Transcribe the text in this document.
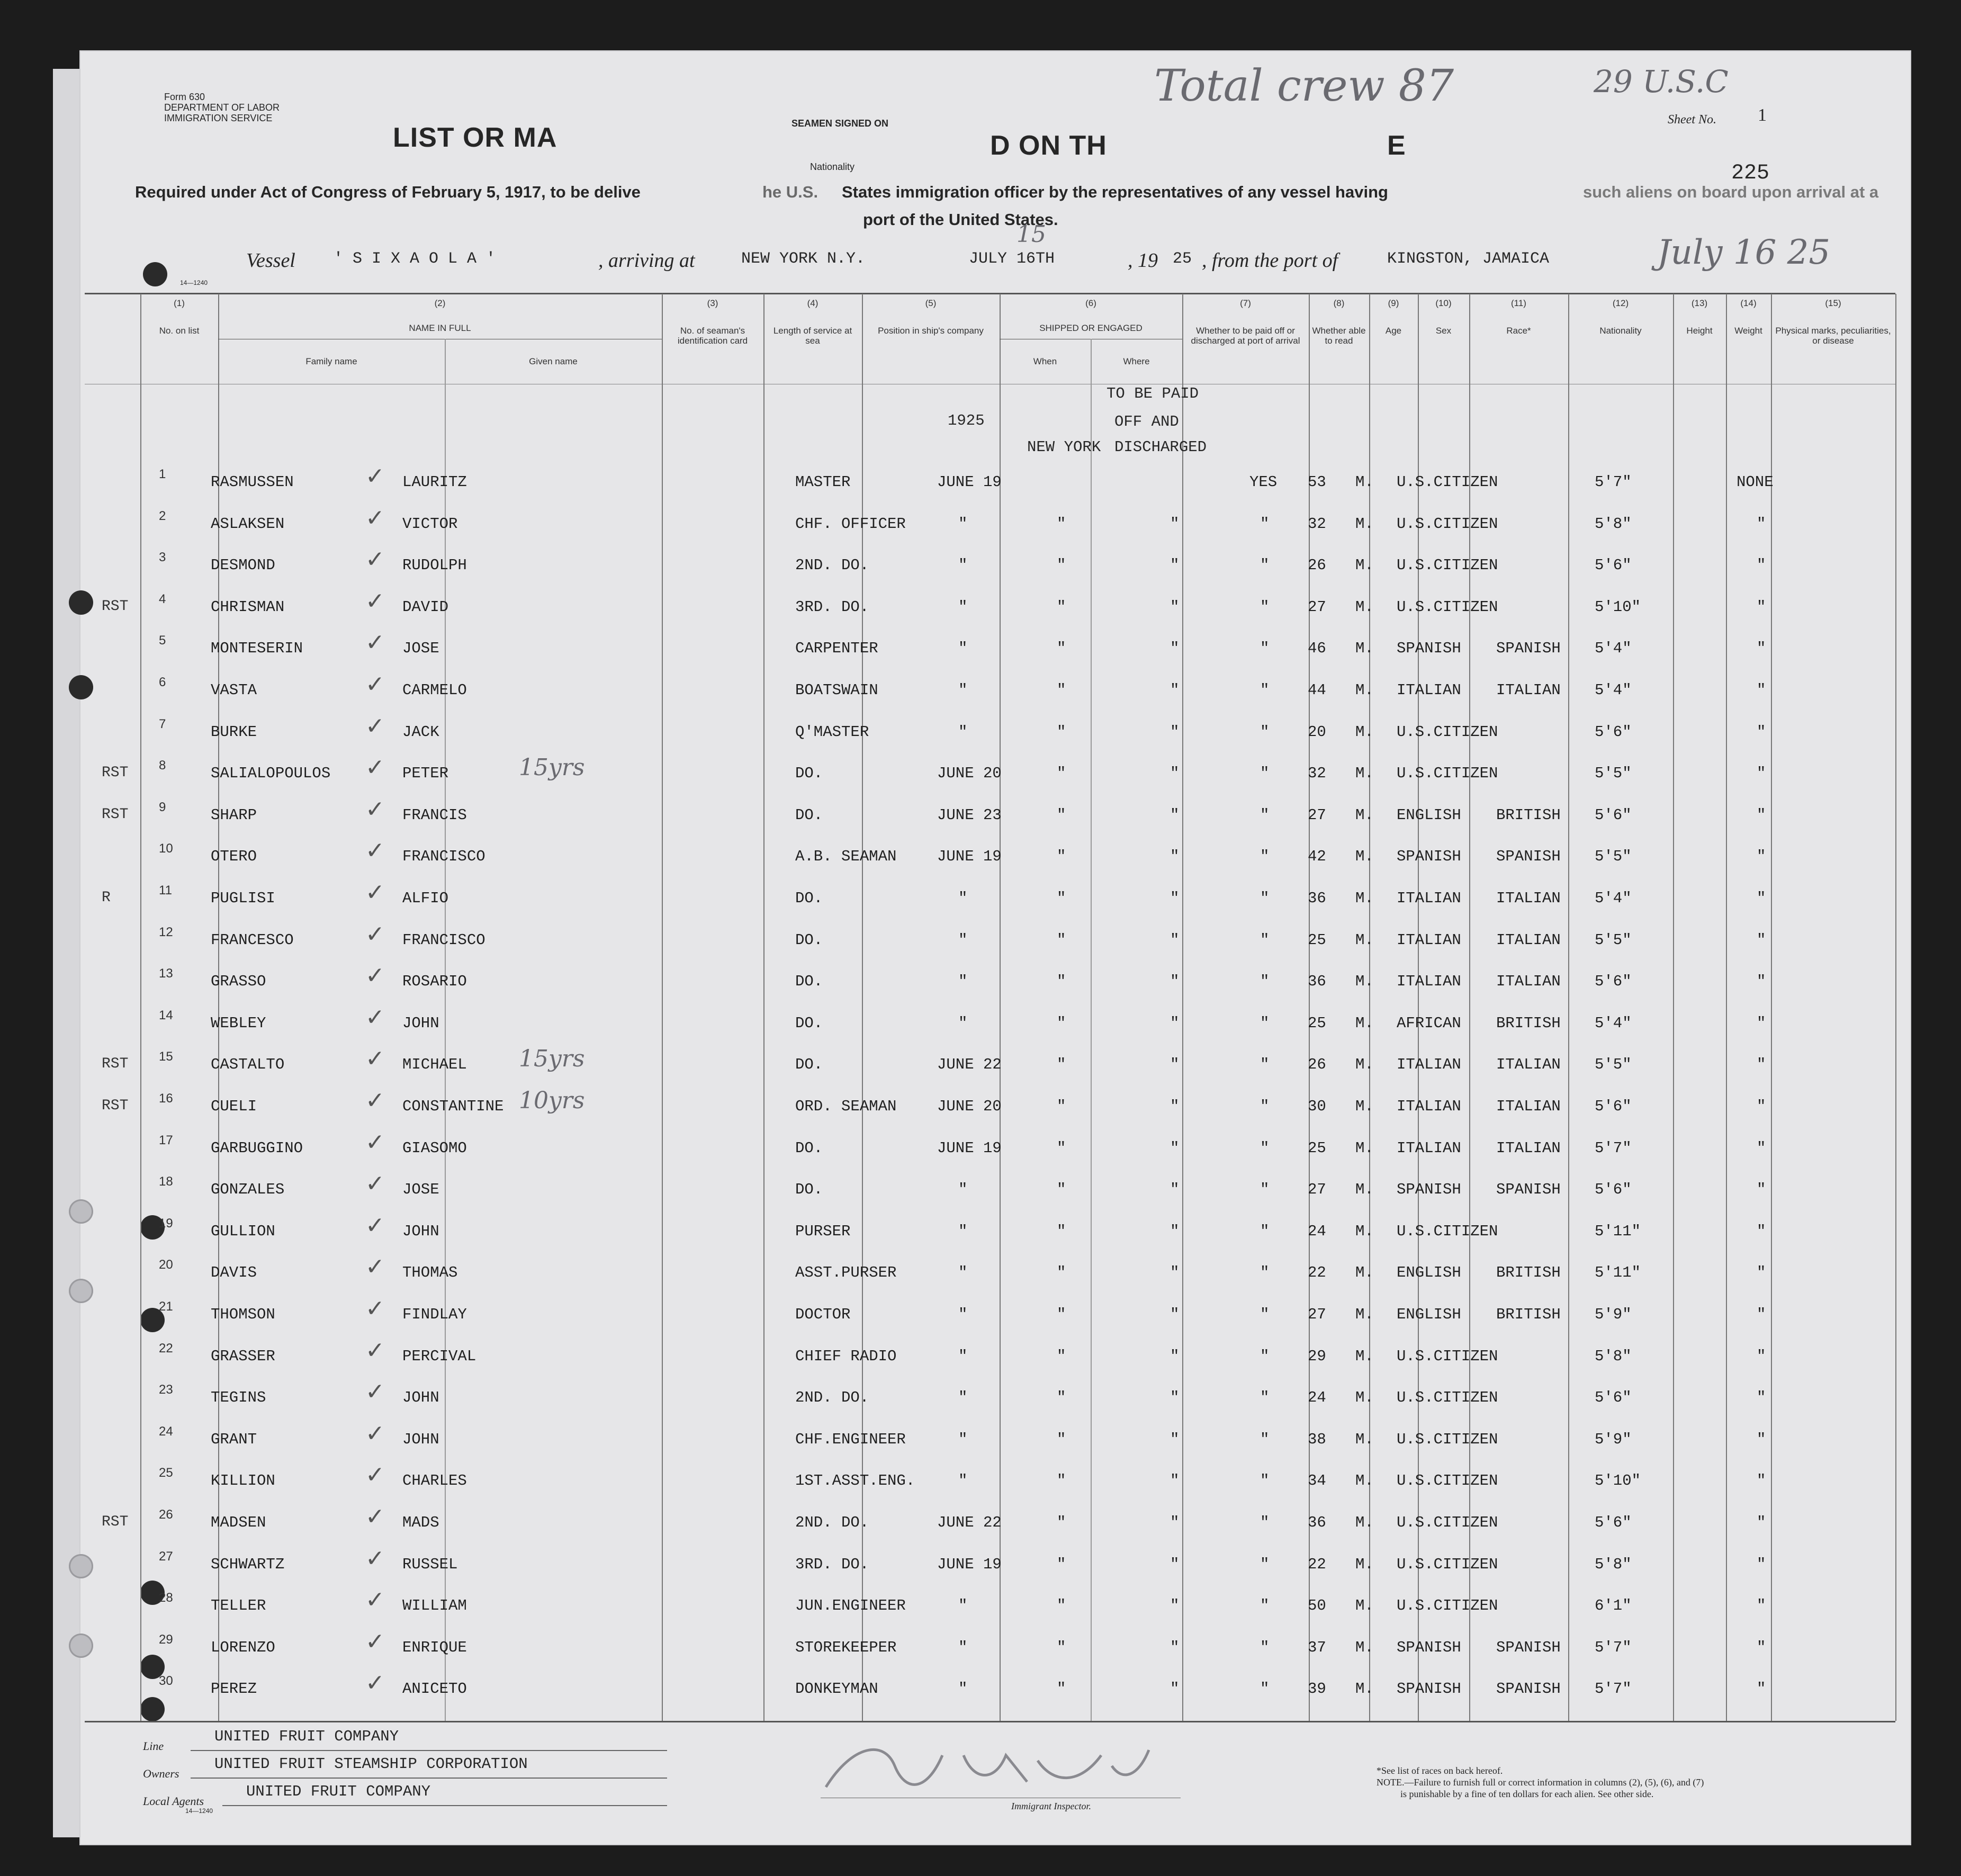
Form 630
DEPARTMENT OF LABOR
IMMIGRATION SERVICE
Total crew 87	29 U.S.C
Sheet No. 1
225
LIST OR MA	D ON TH	E
SEAMEN SIGNED ON
Nationality
Required under Act of Congress of February 5, 1917, to be delive	he U.S. States immigration officer by the representatives of any vessel having	such aliens on board upon arrival at a
port of the United States.
Vessel ' S I X A O L A '	, arriving at	NEW YORK N.Y.	JULY 16TH
15
, 19 25 , from the port of	KINGSTON, JAMAICA	July 16 25
14—1240
(1)
No. on list
(2)
NAME IN FULL
Family name	Given name
(3)
No. of seaman's identification card
(4)
Length of service at sea
(5)
Position in ship's company
(6)
SHIPPED OR ENGAGED
When	Where
(7)
Whether to be paid off or discharged at port of arrival
(8)
Whether able to read
(9)
Age
(10)
Sex
(11)
Race*
(12)
Nationality
(13)
Height
(14)
Weight
(15)
Physical marks, peculiarities, or disease
1925
TO BE PAID
OFF AND
NEW YORK DISCHARGED
1	RASMUSSEN	LAURITZ	MASTER	JUNE 19	YES 53 M. U.S.CITIZEN	5'7"	NONE
✓
2	ASLAKSEN	VICTOR	CHF. OFFICER	"	"	"	"	32 M. U.S.CITIZEN	5'8"	"
✓
3	DESMOND	RUDOLPH	2ND. DO.	"	"	"	"	26 M. U.S.CITIZEN	5'6"	"
✓
4	CHRISMAN	DAVID	3RD. DO.	"	"	"	"	27 M. U.S.CITIZEN	5'10"	"
✓
RST
5	MONTESERIN	JOSE	CARPENTER	"	"	"	"	46 M. SPANISH SPANISH 5'4"	"
✓
6	VASTA	CARMELO	BOATSWAIN	"	"	"	"	44 M. ITALIAN ITALIAN 5'4"	"
✓
7	BURKE	JACK	Q'MASTER	"	"	"	"	20 M. U.S.CITIZEN	5'6"	"
✓
8	SALIALOPOULOS	PETER	DO.	JUNE 20	"	"	"	32 M. U.S.CITIZEN	5'5"	"
✓
RST	15yrs
9	SHARP	FRANCIS	DO.	JUNE 23	"	"	"	27 M. ENGLISH BRITISH 5'6"	"
✓
RST
10 OTERO	FRANCISCO	A.B. SEAMAN	JUNE 19	"	"	"	42 M. SPANISH SPANISH 5'5"	"
✓
11	PUGLISI	ALFIO	DO.	"	"	"	"	36 M. ITALIAN ITALIAN 5'4"	"
✓
R
12 FRANCESCO	FRANCISCO	DO.	"	"	"	"	25 M. ITALIAN ITALIAN 5'5"	"
✓
13 GRASSO	ROSARIO	DO.	"	"	"	"	36 M. ITALIAN ITALIAN 5'6"	"
✓
14 WEBLEY	JOHN	DO.	"	"	"	"	25 M. AFRICAN BRITISH 5'4"	"
✓
15 CASTALTO	MICHAEL	DO.	JUNE 22	"	"	"	26 M. ITALIAN ITALIAN 5'5"	"
✓
RST	15yrs
16 CUELI	CONSTANTINE	ORD. SEAMAN	JUNE 20	"	"	"	30 M. ITALIAN ITALIAN 5'6"	"
✓
RST	10yrs
17 GARBUGGINO	GIASOMO	DO.	JUNE 19	"	"	"	25 M. ITALIAN ITALIAN 5'7"	"
✓
18 GONZALES	JOSE	DO.	"	"	"	"	27 M. SPANISH SPANISH 5'6"	"
✓
19 GULLION	JOHN	PURSER	"	"	"	"	24 M. U.S.CITIZEN	5'11"	"
✓
20 DAVIS	THOMAS	ASST.PURSER	"	"	"	"	22 M. ENGLISH BRITISH 5'11"	"
✓
21 THOMSON	FINDLAY	DOCTOR	"	"	"	"	27 M. ENGLISH BRITISH 5'9"	"
✓
22 GRASSER	PERCIVAL	CHIEF RADIO	"	"	"	"	29 M. U.S.CITIZEN	5'8"	"
✓
23 TEGINS	JOHN	2ND. DO.	"	"	"	"	24 M. U.S.CITIZEN	5'6"	"
✓
24 GRANT	JOHN	CHF.ENGINEER	"	"	"	"	38 M. U.S.CITIZEN	5'9"	"
✓
25 KILLION	CHARLES	1ST.ASST.ENG.	"	"	"	"	34 M. U.S.CITIZEN	5'10"	"
✓
26 MADSEN	MADS	2ND. DO.	JUNE 22	"	"	"	36 M. U.S.CITIZEN	5'6"	"
✓
RST
27 SCHWARTZ	RUSSEL	3RD. DO.	JUNE 19	"	"	"	22 M. U.S.CITIZEN	5'8"	"
✓
28 TELLER	WILLIAM	JUN.ENGINEER	"	"	"	"	50 M. U.S.CITIZEN	6'1"	"
✓
29 LORENZO	ENRIQUE	STOREKEEPER	"	"	"	"	37 M. SPANISH SPANISH 5'7"	"
✓
30 PEREZ	ANICETO	DONKEYMAN	"	"	"	"	39 M. SPANISH SPANISH 5'7"	"
✓
Line
UNITED FRUIT COMPANY
Owners
UNITED FRUIT STEAMSHIP CORPORATION
Local Agents
UNITED FRUIT COMPANY
14—1240	Immigrant Inspector.
*See list of races on back hereof.
NOTE.—Failure to furnish full or correct information in columns (2), (5), (6), and (7)
is punishable by a fine of ten dollars for each alien. See other side.
